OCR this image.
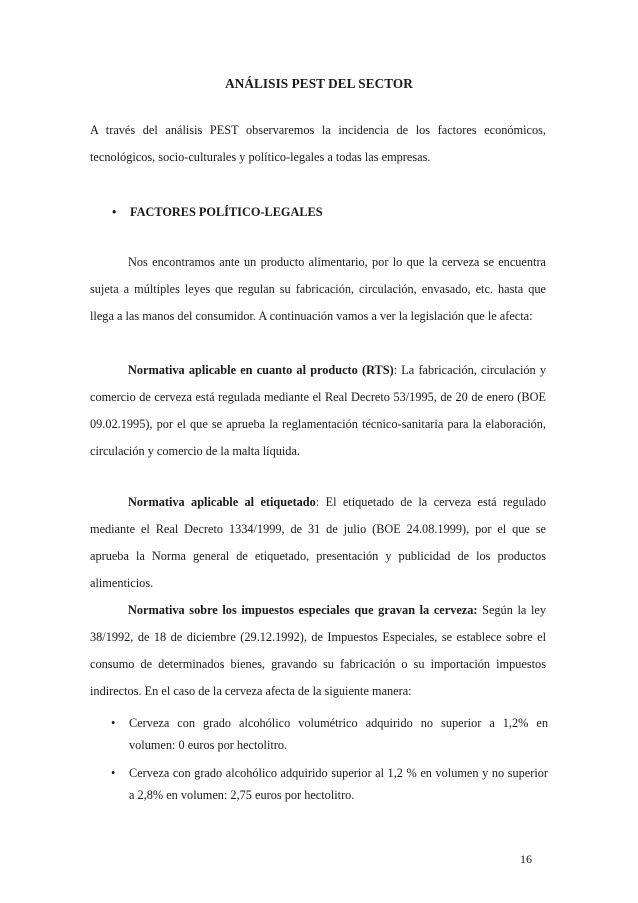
ANÁLISIS PEST DEL SECTOR

A través del análisis PEST observaremos la incidencia de los factores económicos, tecnológicos, socio-culturales y político-legales a todas las empresas.

• FACTORES POLÍTICO-LEGALES

Nos encontramos ante un producto alimentario, por lo que la cerveza se encuentra sujeta a múltiples leyes que regulan su fabricación, circulación, envasado, etc. hasta que llega a las manos del consumidor. A continuación vamos a ver la legislación que le afecta:

Normativa aplicable en cuanto al producto (RTS): La fabricación, circulación y comercio de cerveza está regulada mediante el Real Decreto 53/1995, de 20 de enero (BOE 09.02.1995), por el que se aprueba la reglamentación técnico-sanitaria para la elaboración, circulación y comercio de la malta líquida.

Normativa aplicable al etiquetado: El etiquetado de la cerveza está regulado mediante el Real Decreto 1334/1999, de 31 de julio (BOE 24.08.1999), por el que se aprueba la Norma general de etiquetado, presentación y publicidad de los productos alimenticios.

Normativa sobre los impuestos especiales que gravan la cerveza: Según la ley 38/1992, de 18 de diciembre (29.12.1992), de Impuestos Especiales, se establece sobre el consumo de determinados bienes, gravando su fabricación o su importación impuestos indirectos. En el caso de la cerveza afecta de la siguiente manera:

• Cerveza con grado alcohólico volumétrico adquirido no superior a 1,2% en volumen: 0 euros por hectolitro.
• Cerveza con grado alcohólico adquirido superior al 1,2 % en volumen y no superior a 2,8% en volumen: 2,75 euros por hectolitro.
16
